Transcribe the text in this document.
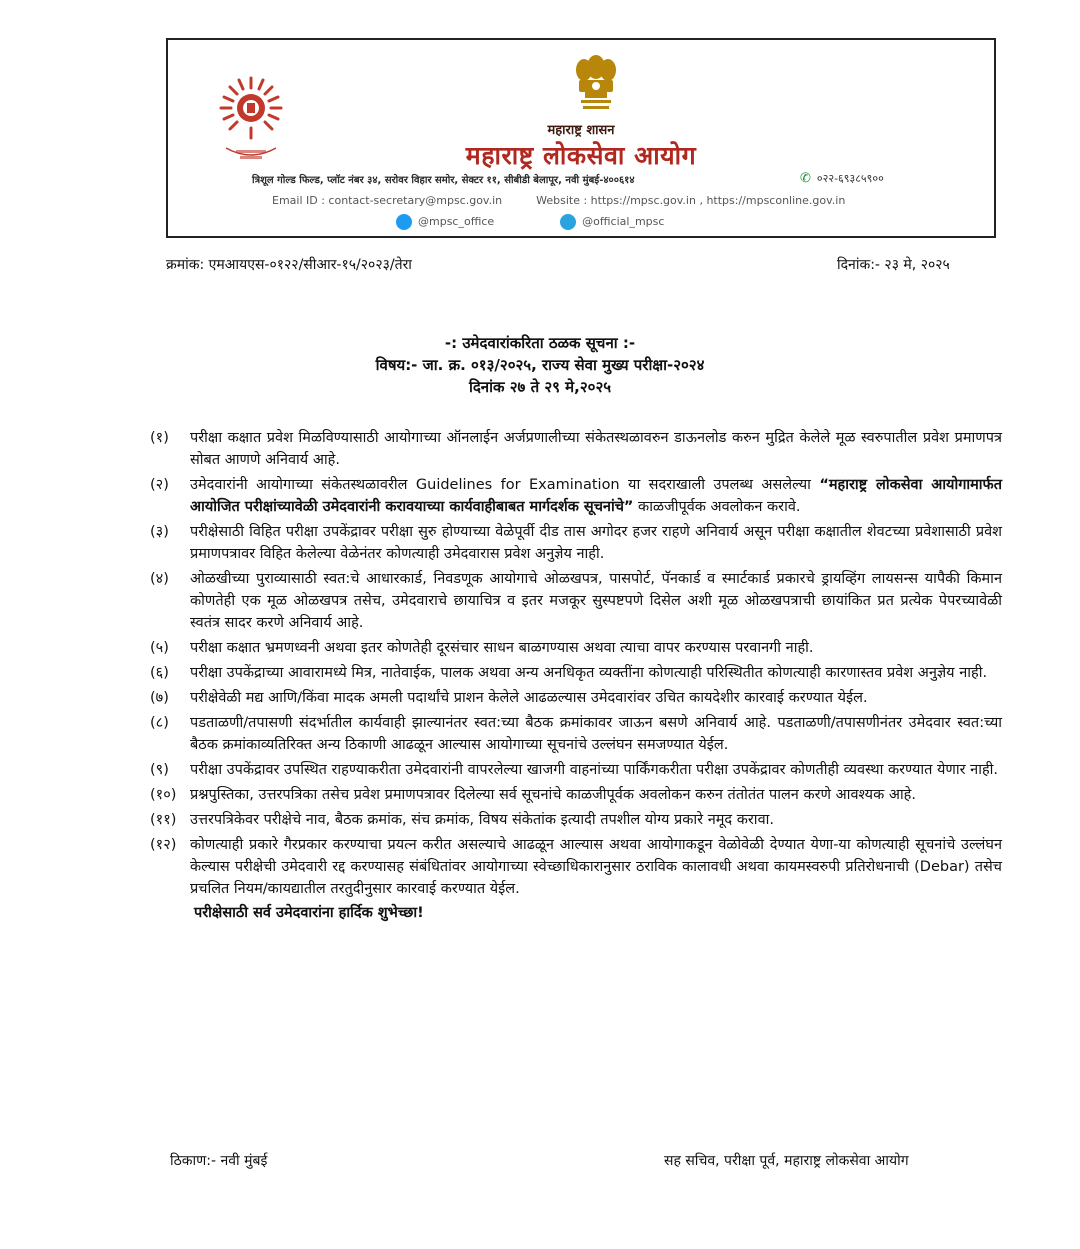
महाराष्ट्र शासन
महाराष्ट्र लोकसेवा आयोग
त्रिशूल गोल्ड फिल्ड, प्लॉट नंबर ३४, सरोवर विहार समोर, सेक्टर ११, सीबीडी बेलापूर, नवी मुंबई-४००६१४	✆ ०२२-६९३८५९००
Email ID : contact-secretary@mpsc.gov.in	Website : https://mpsc.gov.in , https://mpsconline.gov.in
@mpsc_office	@official_mpsc
क्रमांक: एमआयएस-०१२२/सीआर-१५/२०२३/तेरा	दिनांक:- २३ मे, २०२५
-: उमेदवारांकरिता ठळक सूचना :-
विषय:- जा. क्र. ०१३/२०२५, राज्य सेवा मुख्य परीक्षा-२०२४
दिनांक २७ ते २९ मे,२०२५
(१) परीक्षा कक्षात प्रवेश मिळविण्यासाठी आयोगाच्या ऑनलाईन अर्जप्रणालीच्या संकेतस्थळावरुन डाऊनलोड करुन मुद्रित केलेले मूळ स्वरुपातील प्रवेश प्रमाणपत्र सोबत आणणे अनिवार्य आहे.
(२) उमेदवारांनी आयोगाच्या संकेतस्थळावरील Guidelines for Examination या सदराखाली उपलब्ध असलेल्या “महाराष्ट्र लोकसेवा आयोगामार्फत आयोजित परीक्षांच्यावेळी उमेदवारांनी करावयाच्या कार्यवाहीबाबत मार्गदर्शक सूचनांचे” काळजीपूर्वक अवलोकन करावे.
(३) परीक्षेसाठी विहित परीक्षा उपकेंद्रावर परीक्षा सुरु होण्याच्या वेळेपूर्वी दीड तास अगोदर हजर राहणे अनिवार्य असून परीक्षा कक्षातील शेवटच्या प्रवेशासाठी प्रवेश प्रमाणपत्रावर विहित केलेल्या वेळेनंतर कोणत्याही उमेदवारास प्रवेश अनुज्ञेय नाही.
(४) ओळखीच्या पुराव्यासाठी स्वत:चे आधारकार्ड, निवडणूक आयोगाचे ओळखपत्र, पासपोर्ट, पॅनकार्ड व स्मार्टकार्ड प्रकारचे ड्रायव्हिंग लायसन्स यापैकी किमान कोणतेही एक मूळ ओळखपत्र तसेच, उमेदवाराचे छायाचित्र व इतर मजकूर सुस्पष्टपणे दिसेल अशी मूळ ओळखपत्राची छायांकित प्रत प्रत्येक पेपरच्यावेळी स्वतंत्र सादर करणे अनिवार्य आहे.
(५) परीक्षा कक्षात भ्रमणध्वनी अथवा इतर कोणतेही दूरसंचार साधन बाळगण्यास अथवा त्याचा वापर करण्यास परवानगी नाही.
(६) परीक्षा उपकेंद्राच्या आवारामध्ये मित्र, नातेवाईक, पालक अथवा अन्य अनधिकृत व्यक्तींना कोणत्याही परिस्थितीत कोणत्याही कारणास्तव प्रवेश अनुज्ञेय नाही.
(७) परीक्षेवेळी मद्य आणि/किंवा मादक अमली पदार्थांचे प्राशन केलेले आढळल्यास उमेदवारांवर उचित कायदेशीर कारवाई करण्यात येईल.
(८) पडताळणी/तपासणी संदर्भातील कार्यवाही झाल्यानंतर स्वत:च्या बैठक क्रमांकावर जाऊन बसणे अनिवार्य आहे. पडताळणी/तपासणीनंतर उमेदवार स्वत:च्या बैठक क्रमांकाव्यतिरिक्त अन्य ठिकाणी आढळून आल्यास आयोगाच्या सूचनांचे उल्लंघन समजण्यात येईल.
(९) परीक्षा उपकेंद्रावर उपस्थित राहण्याकरीता उमेदवारांनी वापरलेल्या खाजगी वाहनांच्या पार्किंगकरीता परीक्षा उपकेंद्रावर कोणतीही व्यवस्था करण्यात येणार नाही.
(१०) प्रश्नपुस्तिका, उत्तरपत्रिका तसेच प्रवेश प्रमाणपत्रावर दिलेल्या सर्व सूचनांचे काळजीपूर्वक अवलोकन करुन तंतोतंत पालन करणे आवश्यक आहे.
(११) उत्तरपत्रिकेवर परीक्षेचे नाव, बैठक क्रमांक, संच क्रमांक, विषय संकेतांक इत्यादी तपशील योग्य प्रकारे नमूद करावा.
(१२) कोणत्याही प्रकारे गैरप्रकार करण्याचा प्रयत्न करीत असल्याचे आढळून आल्यास अथवा आयोगाकडून वेळोवेळी देण्यात येणा-या कोणत्याही सूचनांचे उल्लंघन केल्यास परीक्षेची उमेदवारी रद्द करण्यासह संबंधितांवर आयोगाच्या स्वेच्छाधिकारानुसार ठराविक कालावधी अथवा कायमस्वरुपी प्रतिरोधनाची (Debar) तसेच प्रचलित नियम/कायद्यातील तरतुदीनुसार कारवाई करण्यात येईल.
परीक्षेसाठी सर्व उमेदवारांना हार्दिक शुभेच्छा!
ठिकाण:- नवी मुंबई	सह सचिव, परीक्षा पूर्व, महाराष्ट्र लोकसेवा आयोग
